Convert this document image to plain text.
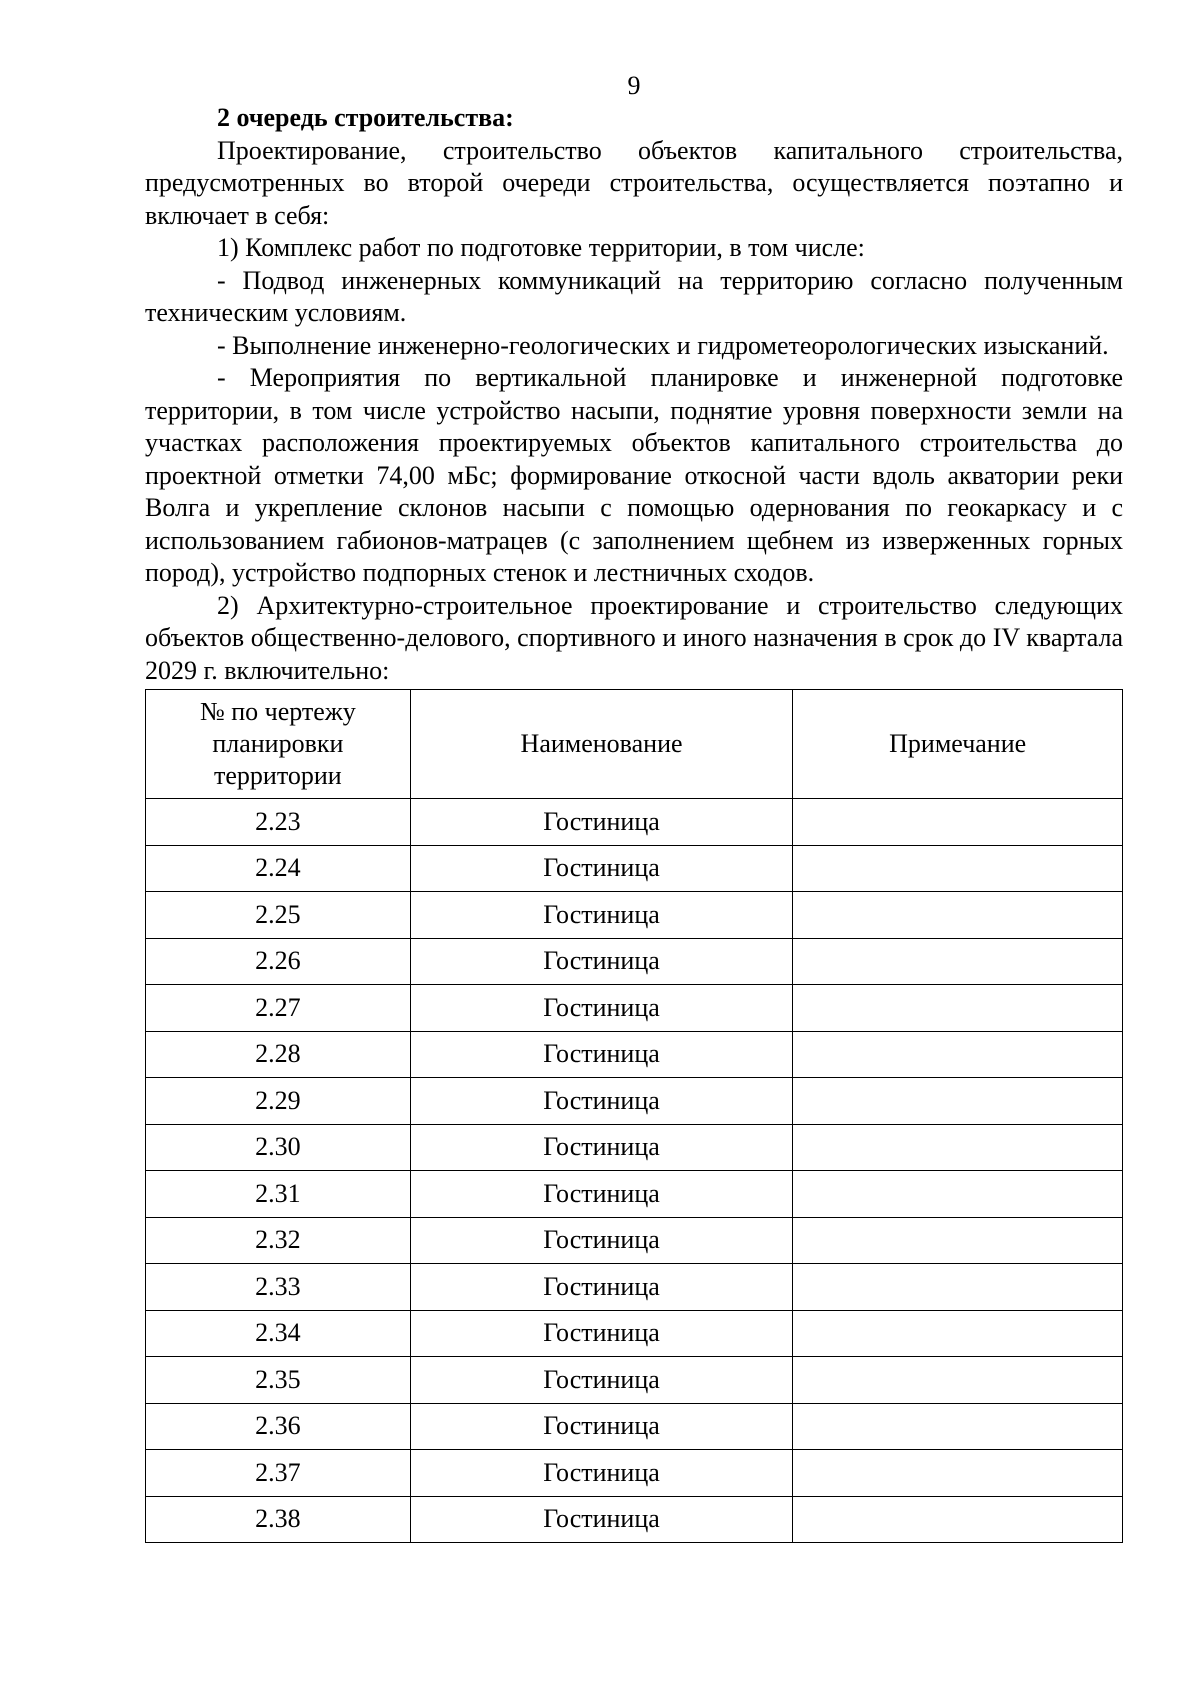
9
2 очередь строительства:

Проектирование, строительство объектов капитального строительства, предусмотренных во второй очереди строительства, осуществляется поэтапно и включает в себя:

1) Комплекс работ по подготовке территории, в том числе:

- Подвод инженерных коммуникаций на территорию согласно полученным техническим условиям.

- Выполнение инженерно-геологических и гидрометеорологических изысканий.

- Мероприятия по вертикальной планировке и инженерной подготовке территории, в том числе устройство насыпи, поднятие уровня поверхности земли на участках расположения проектируемых объектов капитального строительства до проектной отметки 74,00 мБс; формирование откосной части вдоль акватории реки Волга и укрепление склонов насыпи с помощью одернования по геокаркасу и с использованием габионов-матрацев (с заполнением щебнем из изверженных горных пород), устройство подпорных стенок и лестничных сходов.

2) Архитектурно-строительное проектирование и строительство следующих объектов общественно-делового, спортивного и иного назначения в срок до IV квартала 2029 г. включительно:

№ по чертежу планировки территории	Наименование	Примечание
2.23	Гостиница	
2.24	Гостиница	
2.25	Гостиница	
2.26	Гостиница	
2.27	Гостиница	
2.28	Гостиница	
2.29	Гостиница	
2.30	Гостиница	
2.31	Гостиница	
2.32	Гостиница	
2.33	Гостиница	
2.34	Гостиница	
2.35	Гостиница	
2.36	Гостиница	
2.37	Гостиница	
2.38	Гостиница	
